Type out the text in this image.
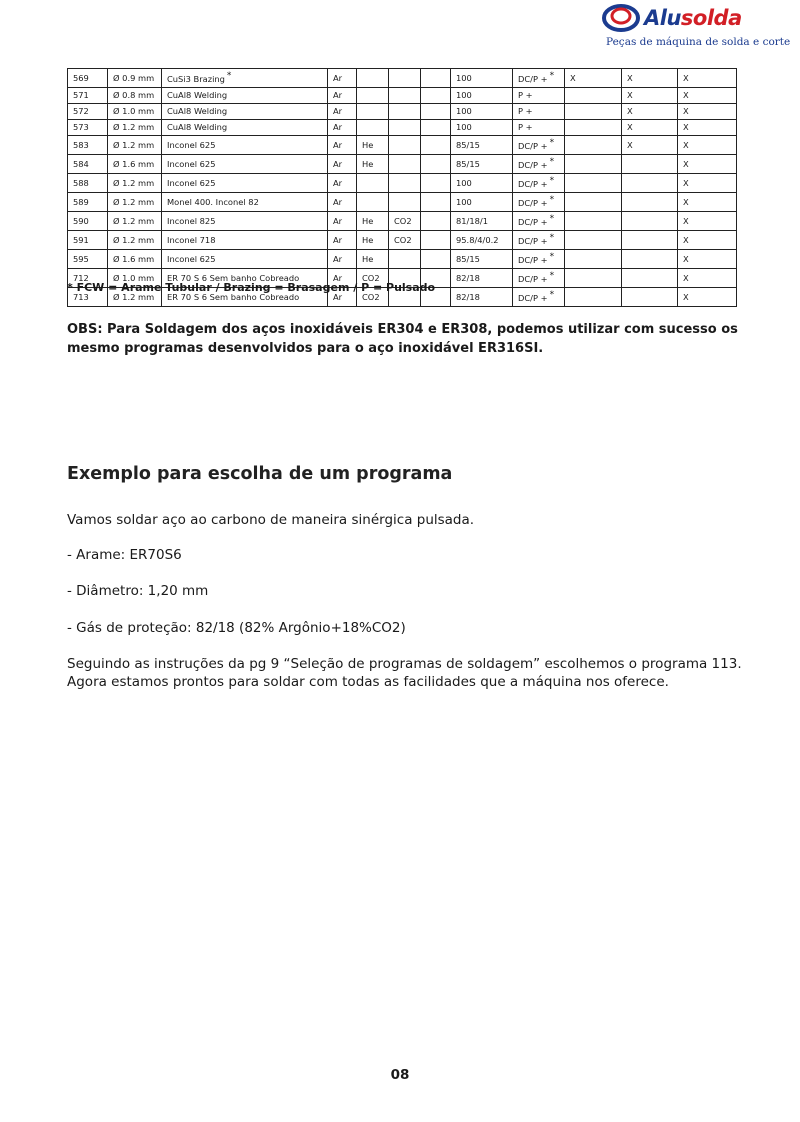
Alusolda
Peças de máquina de solda e corte
569	Ø 0.9 mm	CuSi3 Brazing *	Ar				100	DC/P + *	X	X	X
571	Ø 0.8 mm	CuAl8 Welding	Ar				100	P +		X	X
572	Ø 1.0 mm	CuAl8 Welding	Ar				100	P +		X	X
573	Ø 1.2 mm	CuAl8 Welding	Ar				100	P +		X	X
583	Ø 1.2 mm	Inconel 625	Ar	He			85/15	DC/P + *		X	X
584	Ø 1.6 mm	Inconel 625	Ar	He			85/15	DC/P + *			X
588	Ø 1.2 mm	Inconel 625	Ar				100	DC/P + *			X
589	Ø 1.2 mm	Monel 400. Inconel 82	Ar				100	DC/P + *			X
590	Ø 1.2 mm	Inconel 825	Ar	He	CO2		81/18/1	DC/P + *			X
591	Ø 1.2 mm	Inconel 718	Ar	He	CO2		95.8/4/0.2	DC/P + *			X
595	Ø 1.6 mm	Inconel 625	Ar	He			85/15	DC/P + *			X
712	Ø 1.0 mm	ER 70 S 6 Sem banho Cobreado	Ar	CO2			82/18	DC/P + *			X
713	Ø 1.2 mm	ER 70 S 6 Sem banho Cobreado	Ar	CO2			82/18	DC/P + *			X
* FCW = Arame Tubular / Brazing = Brasagem / P = Pulsado
OBS: Para Soldagem dos aços inoxidáveis ER304 e ER308, podemos utilizar com sucesso os mesmo programas desenvolvidos para o aço inoxidável ER316SI.
Exemplo para escolha de um programa

Vamos soldar aço ao carbono de maneira sinérgica pulsada.

- Arame: ER70S6

- Diâmetro: 1,20 mm

- Gás de proteção: 82/18 (82% Argônio+18%CO2)

Seguindo as instruções da pg 9 “Seleção de programas de soldagem” escolhemos o programa 113.

Agora estamos prontos para soldar com todas as facilidades que a máquina nos oferece.

08
